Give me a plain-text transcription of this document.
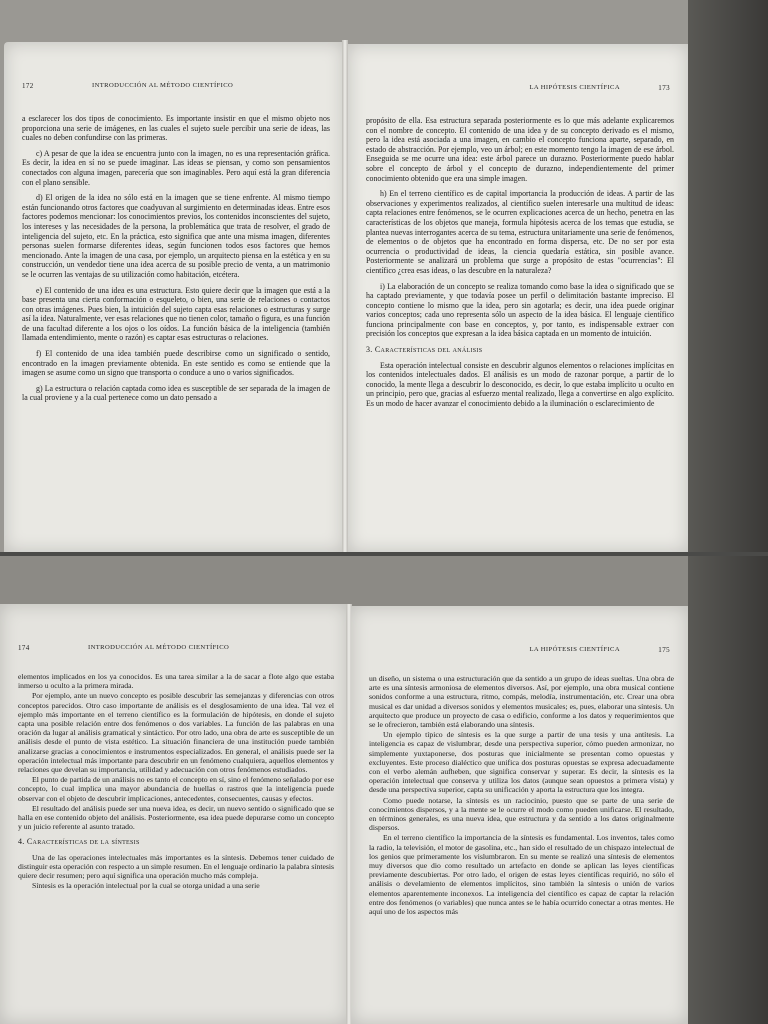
172	INTRODUCCIÓN AL MÉTODO CIENTÍFICO

a esclarecer los dos tipos de conocimiento. Es importante insistir en que el mismo objeto nos proporciona una serie de imágenes, en las cuales el sujeto suele percibir una serie de ideas, las cuales no deben confundirse con las primeras.

c) A pesar de que la idea se encuentra junto con la imagen, no es una representación gráfica. Es decir, la idea en sí no se puede imaginar. Las ideas se piensan, y como son pensamientos conectados con alguna imagen, parecería que son imaginables. Pero aquí está la gran diferencia con el plano sensible.

d) El origen de la idea no sólo está en la imagen que se tiene enfrente. Al mismo tiempo están funcionando otros factores que coadyuvan al surgimiento en determinadas ideas. Entre esos factores podemos mencionar: los conocimientos previos, los contenidos inconscientes del sujeto, los intereses y las necesidades de la persona, la problemática que trata de resolver, el grado de inteligencia del sujeto, etc. En la práctica, esto significa que ante una misma imagen, diferentes personas suelen formarse diferentes ideas, según funcionen todos esos factores que hemos mencionado. Ante la imagen de una casa, por ejemplo, un arquitecto piensa en la estética y en su construcción, un vendedor tiene una idea acerca de su posible precio de venta, a un matrimonio se le ocurren las ventajas de su utilización como habitación, etcétera.

e) El contenido de una idea es una estructura. Esto quiere decir que la imagen que está a la base presenta una cierta conformación o esqueleto, o bien, una serie de relaciones o contactos con otras imágenes. Pues bien, la intuición del sujeto capta esas relaciones o estructuras y surge así la idea. Naturalmente, ver esas relaciones que no tienen color, tamaño o figura, es una función de una facultad diferente a los ojos o los oídos. La función básica de la inteligencia (también llamada entendimiento, mente o razón) es captar esas estructuras o relaciones.

f) El contenido de una idea también puede describirse como un significado o sentido, encontrado en la imagen previamente obtenida. En este sentido es como se entiende que la imagen se asume como un signo que transporta o conduce a uno o varios significados.

g) La estructura o relación captada como idea es susceptible de ser separada de la imagen de la cual proviene y a la cual pertenece como un dato pensado a

LA HIPÓTESIS CIENTÍFICA	173

propósito de ella. Esa estructura separada posteriormente es lo que más adelante explicaremos con el nombre de concepto. El contenido de una idea y de su concepto derivado es el mismo, pero la idea está asociada a una imagen, en cambio el concepto funciona aparte, separado, en estado de abstracción. Por ejemplo, veo un árbol; en este momento tengo la imagen de ese árbol. Enseguida se me ocurre una idea: este árbol parece un durazno. Posteriormente puedo hablar sobre el concepto de árbol y el concepto de durazno, independientemente del primer conocimiento obtenido que era una simple imagen.

h) En el terreno científico es de capital importancia la producción de ideas. A partir de las observaciones y experimentos realizados, al científico suelen interesarle una multitud de ideas: capta relaciones entre fenómenos, se le ocurren explicaciones acerca de un hecho, penetra en las características de los objetos que maneja, formula hipótesis acerca de los temas que estudia, se plantea nuevas interrogantes acerca de su tema, estructura unitariamente una serie de fenómenos, de elementos o de objetos que ha encontrado en forma dispersa, etc. De no ser por esta ocurrencia o productividad de ideas, la ciencia quedaría estática, sin posible avance. Posteriormente se analizará un problema que surge a propósito de estas "ocurrencias": El científico ¿crea esas ideas, o las descubre en la naturaleza?

i) La elaboración de un concepto se realiza tomando como base la idea o significado que se ha captado previamente, y que todavía posee un perfil o delimitación bastante impreciso. El concepto contiene lo mismo que la idea, pero sin agotarla; es decir, una idea puede originar varios conceptos; cada uno representa sólo un aspecto de la idea básica. El lenguaje científico funciona principalmente con base en conceptos, y, por tanto, es indispensable extraer con precisión los conceptos que expresan a la idea básica captada en un momento de intuición.

3. Características del análisis

Esta operación intelectual consiste en descubrir algunos elementos o relaciones implícitas en los contenidos intelectuales dados. El análisis es un modo de razonar porque, a partir de lo conocido, la mente llega a descubrir lo desconocido, es decir, lo que estaba implícito u oculto en un principio, pero que, gracias al esfuerzo mental realizado, llega a convertirse en algo explícito. Es un modo de hacer avanzar el conocimiento debido a la iluminación o esclarecimiento de

174	INTRODUCCIÓN AL MÉTODO CIENTÍFICO

elementos implicados en los ya conocidos. Es una tarea similar a la de sacar a flote algo que estaba inmerso u oculto a la primera mirada.

Por ejemplo, ante un nuevo concepto es posible descubrir las semejanzas y diferencias con otros conceptos parecidos. Otro caso importante de análisis es el desglosamiento de una idea. Tal vez el ejemplo más importante en el terreno científico es la formulación de hipótesis, en donde el sujeto capta una posible relación entre dos fenómenos o dos variables. La función de las palabras en una oración da lugar al análisis gramatical y sintáctico. Por otro lado, una obra de arte es susceptible de un análisis desde el punto de vista estético. La situación financiera de una institución puede también analizarse gracias a conocimientos e instrumentos especializados. En general, el análisis puede ser la operación intelectual más importante para descubrir en un fenómeno cualquiera, aquellos elementos y relaciones que develan su importancia, utilidad y adecuación con otros fenómenos estudiados.

El punto de partida de un análisis no es tanto el concepto en sí, sino el fenómeno señalado por ese concepto, lo cual implica una mayor abundancia de huellas o rastros que la inteligencia puede observar con el objeto de descubrir implicaciones, antecedentes, consecuentes, causas y efectos.

El resultado del análisis puede ser una nueva idea, es decir, un nuevo sentido o significado que se halla en ese contenido objeto del análisis. Posteriormente, esa idea puede depurarse como un concepto y un juicio referente al asunto tratado.

4. Características de la síntesis

Una de las operaciones intelectuales más importantes es la síntesis. Debemos tener cuidado de distinguir esta operación con respecto a un simple resumen. En el lenguaje ordinario la palabra síntesis quiere decir resumen; pero aquí significa una operación mucho más compleja.

Síntesis es la operación intelectual por la cual se otorga unidad a una serie

LA HIPÓTESIS CIENTÍFICA	175

un diseño, un sistema o una estructuración que da sentido a un grupo de ideas sueltas. Una obra de arte es una síntesis armoniosa de elementos diversos. Así, por ejemplo, una obra musical contiene sonidos conforme a una estructura, ritmo, compás, melodía, instrumentación, etc. Crear una obra musical es dar unidad a diversos sonidos y elementos musicales; es, pues, elaborar una síntesis. Un arquitecto que produce un proyecto de casa o edificio, conforme a los datos y requerimientos que se le ofrecieron, también está elaborando una síntesis.

Un ejemplo típico de síntesis es la que surge a partir de una tesis y una antítesis. La inteligencia es capaz de vislumbrar, desde una perspectiva superior, cómo pueden armonizar, no simplemente yuxtaponerse, dos posturas que inicialmente se presentan como opuestas y excluyentes. Este proceso dialéctico que unifica dos posturas opuestas se expresa adecuadamente con el verbo alemán aufheben, que significa conservar y superar. Es decir, la síntesis es la operación intelectual que conserva y utiliza los datos (aunque sean opuestos a primera vista) y desde una perspectiva superior, capta su unificación y aporta la estructura que los integra.

Como puede notarse, la síntesis es un raciocinio, puesto que se parte de una serie de conocimientos dispersos, y a la mente se le ocurre el modo como pueden unificarse. El resultado, en términos generales, es una nueva idea, que estructura y da sentido a los datos originalmente dispersos.

En el terreno científico la importancia de la síntesis es fundamental. Los inventos, tales como la radio, la televisión, el motor de gasolina, etc., han sido el resultado de un chispazo intelectual de los genios que primeramente los vislumbraron. En su mente se realizó una síntesis de elementos muy diversos que dio como resultado un artefacto en donde se aplican las leyes científicas previamente descubiertas. Por otro lado, el origen de estas leyes científicas requirió, no sólo el análisis o develamiento de elementos implícitos, sino también la síntesis o unión de varios elementos aparentemente inconexos. La inteligencia del científico es capaz de captar la relación entre dos fenómenos (o variables) que nunca antes se le había ocurrido conectar a otras mentes. He aquí uno de los aspectos más
